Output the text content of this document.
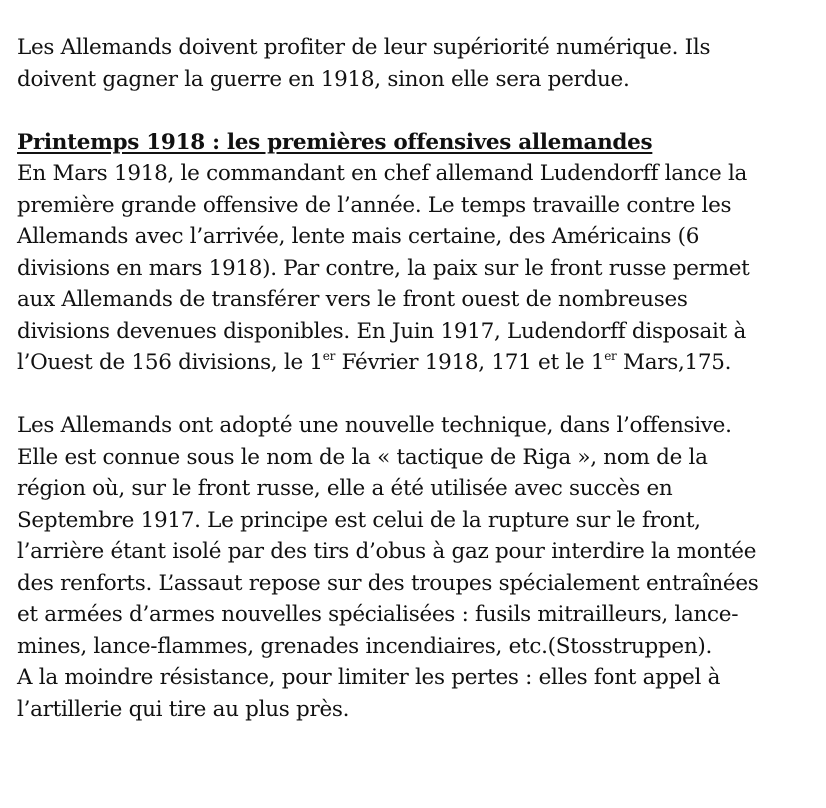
Les Allemands doivent profiter de leur supériorité numérique. Ils
doivent gagner la guerre en 1918, sinon elle sera perdue.
Printemps 1918 : les premières offensives allemandes
En Mars 1918, le commandant en chef allemand Ludendorff lance la
première grande offensive de l’année. Le temps travaille contre les
Allemands avec l’arrivée, lente mais certaine, des Américains (6
divisions en mars 1918). Par contre, la paix sur le front russe permet
aux Allemands de transférer vers le front ouest de nombreuses
divisions devenues disponibles. En Juin 1917, Ludendorff disposait à
l’Ouest de 156 divisions, le 1er Février 1918, 171 et le 1er Mars,175.
Les Allemands ont adopté une nouvelle technique, dans l’offensive.
Elle est connue sous le nom de la « tactique de Riga », nom de la
région où, sur le front russe, elle a été utilisée avec succès en
Septembre 1917. Le principe est celui de la rupture sur le front,
l’arrière étant isolé par des tirs d’obus à gaz pour interdire la montée
des renforts. L’assaut repose sur des troupes spécialement entraînées
et armées d’armes nouvelles spécialisées : fusils mitrailleurs, lance-
mines, lance-flammes, grenades incendiaires, etc.(Stosstruppen).
A la moindre résistance, pour limiter les pertes : elles font appel à
l’artillerie qui tire au plus près.
